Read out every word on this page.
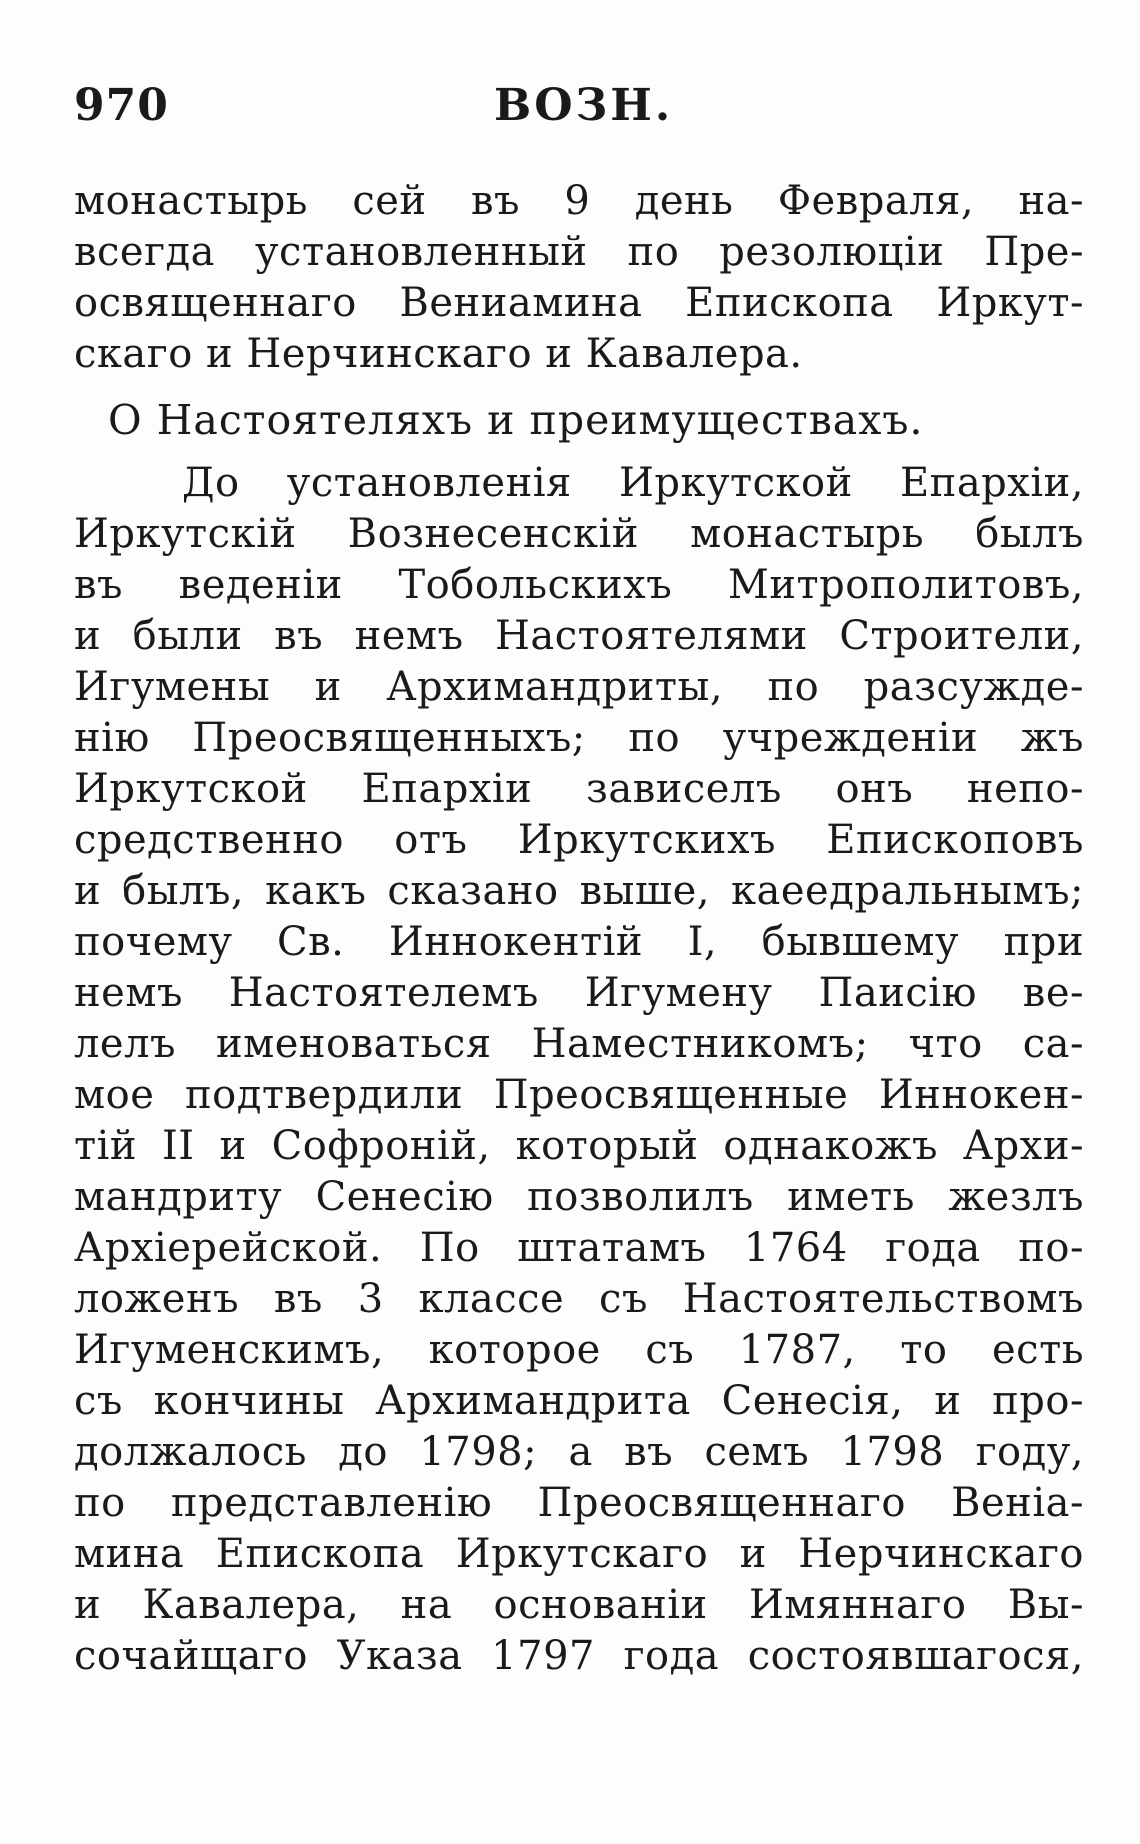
970	ВОЗН.
монастырь сей въ 9 день Февраля, на-
всегда установленный по резолюцiи Пре-
освященнаго Вениамина Епископа Иркут-
скаго и Нерчинскаго и Кавалера.
О Настоятеляхъ и преимуществахъ.
До установленiя Иркутской Епархiи,
Иркутскiй Вознесенскiй монастырь былъ
въ веденiи Тобольскихъ Митрополитовъ,
и были въ немъ Настоятелями Строители,
Игумены и Архимандриты, по разсужде-
нiю Преосвященныхъ; по учрежденiи жъ
Иркутской Епархiи зависелъ онъ непо-
средственно отъ Иркутскихъ Епископовъ
и былъ, какъ сказано выше, каеедральнымъ;
почему Св. Иннокентiй I, бывшему при
немъ Настоятелемъ Игумену Паисiю ве-
лелъ именоваться Наместникомъ; что са-
мое подтвердили Преосвященные Иннокен-
тiй II и Софронiй, который однакожъ Архи-
мандриту Сенесiю позволилъ иметь жезлъ
Архiерейской. По штатамъ 1764 года по-
ложенъ въ 3 классе съ Настоятельствомъ
Игуменскимъ, которое съ 1787, то есть
съ кончины Архимандрита Сенесiя, и про-
должалось до 1798; а въ семъ 1798 году,
по представленiю Преосвященнаго Венiа-
мина Епископа Иркутскаго и Нерчинскаго
и Кавалера, на основанiи Имяннаго Вы-
сочайщаго Указа 1797 года состоявшагося,
